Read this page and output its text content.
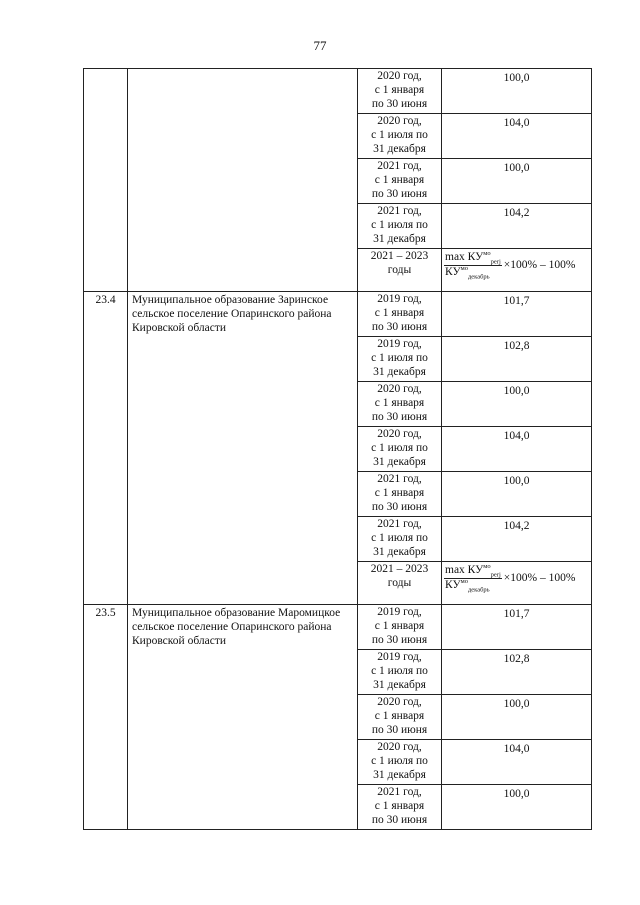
77
		2020 год,
с 1 января
по 30 июня	100,0
		2020 год,
с 1 июля по
31 декабря	104,0
		2021 год,
с 1 января
по 30 июня	100,0
		2021 год,
с 1 июля по
31 декабря	104,2
		2021 – 2023
годы	$\frac{\max КУ^{мо}_{perj}}{КУ^{мо}_{декабрь}} \times 100\% - 100\%$

23.4	Муниципальное образование Заринское сельское поселение Опаринского района Кировской области	2019 год,
с 1 января
по 30 июня	101,7
		2019 год,
с 1 июля по
31 декабря	102,8
		2020 год,
с 1 января
по 30 июня	100,0
		2020 год,
с 1 июля по
31 декабря	104,0
		2021 год,
с 1 января
по 30 июня	100,0
		2021 год,
с 1 июля по
31 декабря	104,2
		2021 – 2023
годы	$\frac{\max КУ^{мо}_{perj}}{КУ^{мо}_{декабрь}} \times 100\% - 100\%$

23.5	Муниципальное образование Маромицкое сельское поселение Опаринского района Кировской области	2019 год,
с 1 января
по 30 июня	101,7
		2019 год,
с 1 июля по
31 декабря	102,8
		2020 год,
с 1 января
по 30 июня	100,0
		2020 год,
с 1 июля по
31 декабря	104,0
		2021 год,
с 1 января
по 30 июня	100,0
